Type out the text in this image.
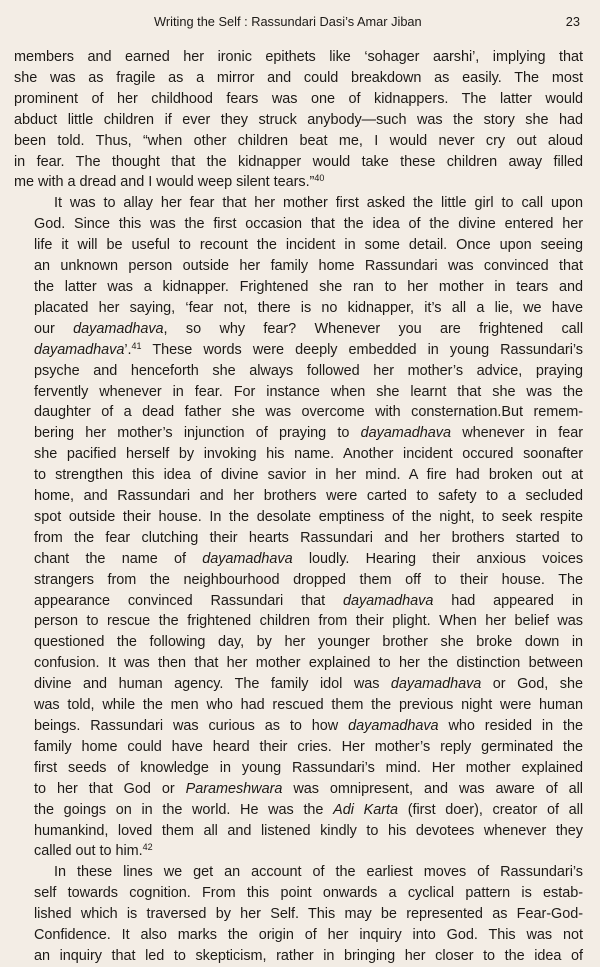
Writing the Self : Rassundari Dasi’s Amar Jiban	23

members and earned her ironic epithets like ‘sohager aarshi’, implying that
she was as fragile as a mirror and could breakdown as easily. The most
prominent of her childhood fears was one of kidnappers. The latter would
abduct little children if ever they struck anybody—such was the story she had
been told. Thus, “when other children beat me, I would never cry out aloud
in fear. The thought that the kidnapper would take these children away filled
me with a dread and I would weep silent tears.”$^{40}$

It was to allay her fear that her mother first asked the little girl to call upon
God. Since this was the first occasion that the idea of the divine entered her
life it will be useful to recount the incident in some detail. Once upon seeing
an unknown person outside her family home Rassundari was convinced that
the latter was a kidnapper. Frightened she ran to her mother in tears and
placated her saying, ‘fear not, there is no kidnapper, it’s all a lie, we have
our dayamadhava, so why fear? Whenever you are frightened call
dayamadhava’.$^{41}$ These words were deeply embedded in young Rassundari’s
psyche and henceforth she always followed her mother’s advice, praying
fervently whenever in fear. For instance when she learnt that she was the
daughter of a dead father she was overcome with consternation.But remem-
bering her mother’s injunction of praying to dayamadhava whenever in fear
she pacified herself by invoking his name. Another incident occured soonafter
to strengthen this idea of divine savior in her mind. A fire had broken out at
home, and Rassundari and her brothers were carted to safety to a secluded
spot outside their house. In the desolate emptiness of the night, to seek respite
from the fear clutching their hearts Rassundari and her brothers started to
chant the name of dayamadhava loudly. Hearing their anxious voices
strangers from the neighbourhood dropped them off to their house. The
appearance convinced Rassundari that dayamadhava had appeared in
person to rescue the frightened children from their plight. When her belief was
questioned the following day, by her younger brother she broke down in
confusion. It was then that her mother explained to her the distinction between
divine and human agency. The family idol was dayamadhava or God, she
was told, while the men who had rescued them the previous night were human
beings. Rassundari was curious as to how dayamadhava who resided in the
family home could have heard their cries. Her mother’s reply germinated the
first seeds of knowledge in young Rassundari’s mind. Her mother explained
to her that God or Parameshwara was omnipresent, and was aware of all
the goings on in the world. He was the Adi Karta (first doer), creator of all
humankind, loved them all and listened kindly to his devotees whenever they
called out to him.$^{42}$

In these lines we get an account of the earliest moves of Rassundari’s
self towards cognition. From this point onwards a cyclical pattern is estab-
lished which is traversed by her Self. This may be represented as Fear-God-
Confidence. It also marks the origin of her inquiry into God. This was not
an inquiry that led to skepticism, rather in bringing her closer to the idea of
